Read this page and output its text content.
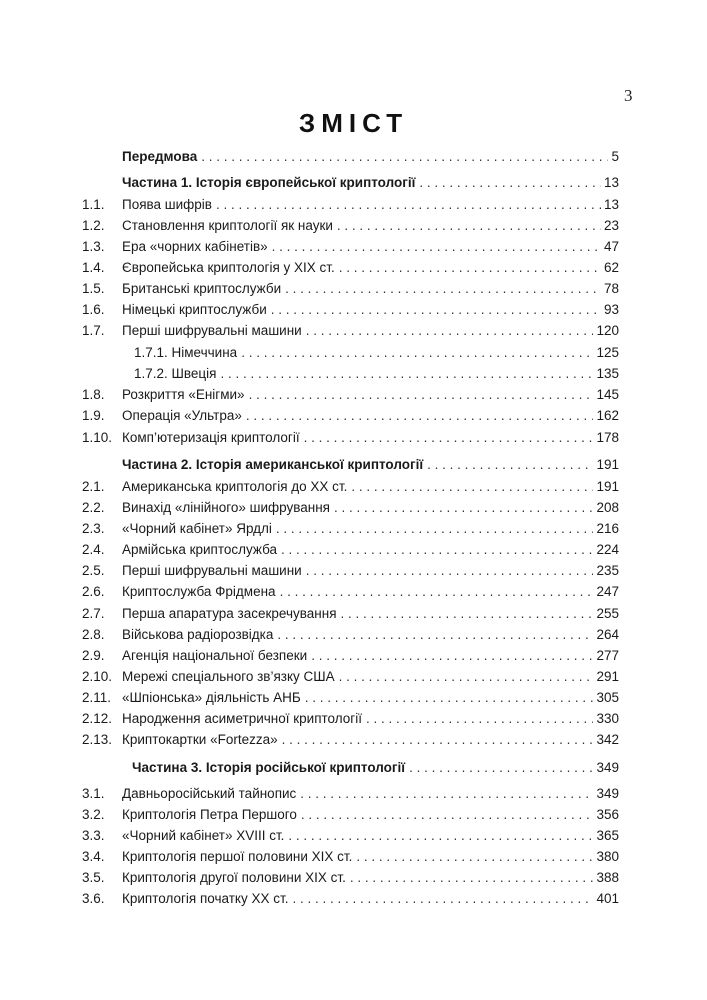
3
ЗМІСТ
Передмова . . .	5
Частина 1. Історія європейської криптології . . .	13
1.1.	Поява шифрів . . .	13
1.2.	Становлення криптології як науки . . .	23
1.3.	Ера «чорних кабінетів» . . .	47
1.4.	Європейська криптологія у XIX ст. . . .	62
1.5.	Британські криптослужби . . .	78
1.6.	Німецькі криптослужби . . .	93
1.7.	Перші шифрувальні машини . . .	120
1.7.1. Німеччина . . .	125
1.7.2. Швеція . . .	135
1.8.	Розкриття «Енігми» . . .	145
1.9.	Операція «Ультра» . . .	162
1.10. Комп’ютеризація криптології . . .	178
Частина 2. Історія американської криптології . . .	191
2.1.	Американська криптологія до XX ст. . . .	191
2.2.	Винахід «лінійного» шифрування . . .	208
2.3.	«Чорний кабінет» Ярдлі . . .	216
2.4.	Армійська криптослужба . . .	224
2.5.	Перші шифрувальні машини . . .	235
2.6.	Криптослужба Фрідмена . . .	247
2.7.	Перша апаратура засекречування . . .	255
2.8.	Військова радіорозвідка . . .	264
2.9.	Агенція національної безпеки . . .	277
2.10. Мережі спеціального зв’язку США . . .	291
2.11. «Шпіонська» діяльність АНБ . . .	305
2.12. Народження асиметричної криптології . . .	330
2.13. Криптокартки «Fortezza» . . .	342
Частина 3. Історія російської криптології . . .	349
3.1.	Давньоросійський тайнопис . . .	349
3.2.	Криптологія Петра Першого . . .	356
3.3.	«Чорний кабінет» XVIII ст. . . .	365
3.4.	Криптологія першої половини XIX ст. . . .	380
3.5.	Криптологія другої половини XIX ст. . . .	388
3.6.	Криптологія початку XX ст. . . .	401
